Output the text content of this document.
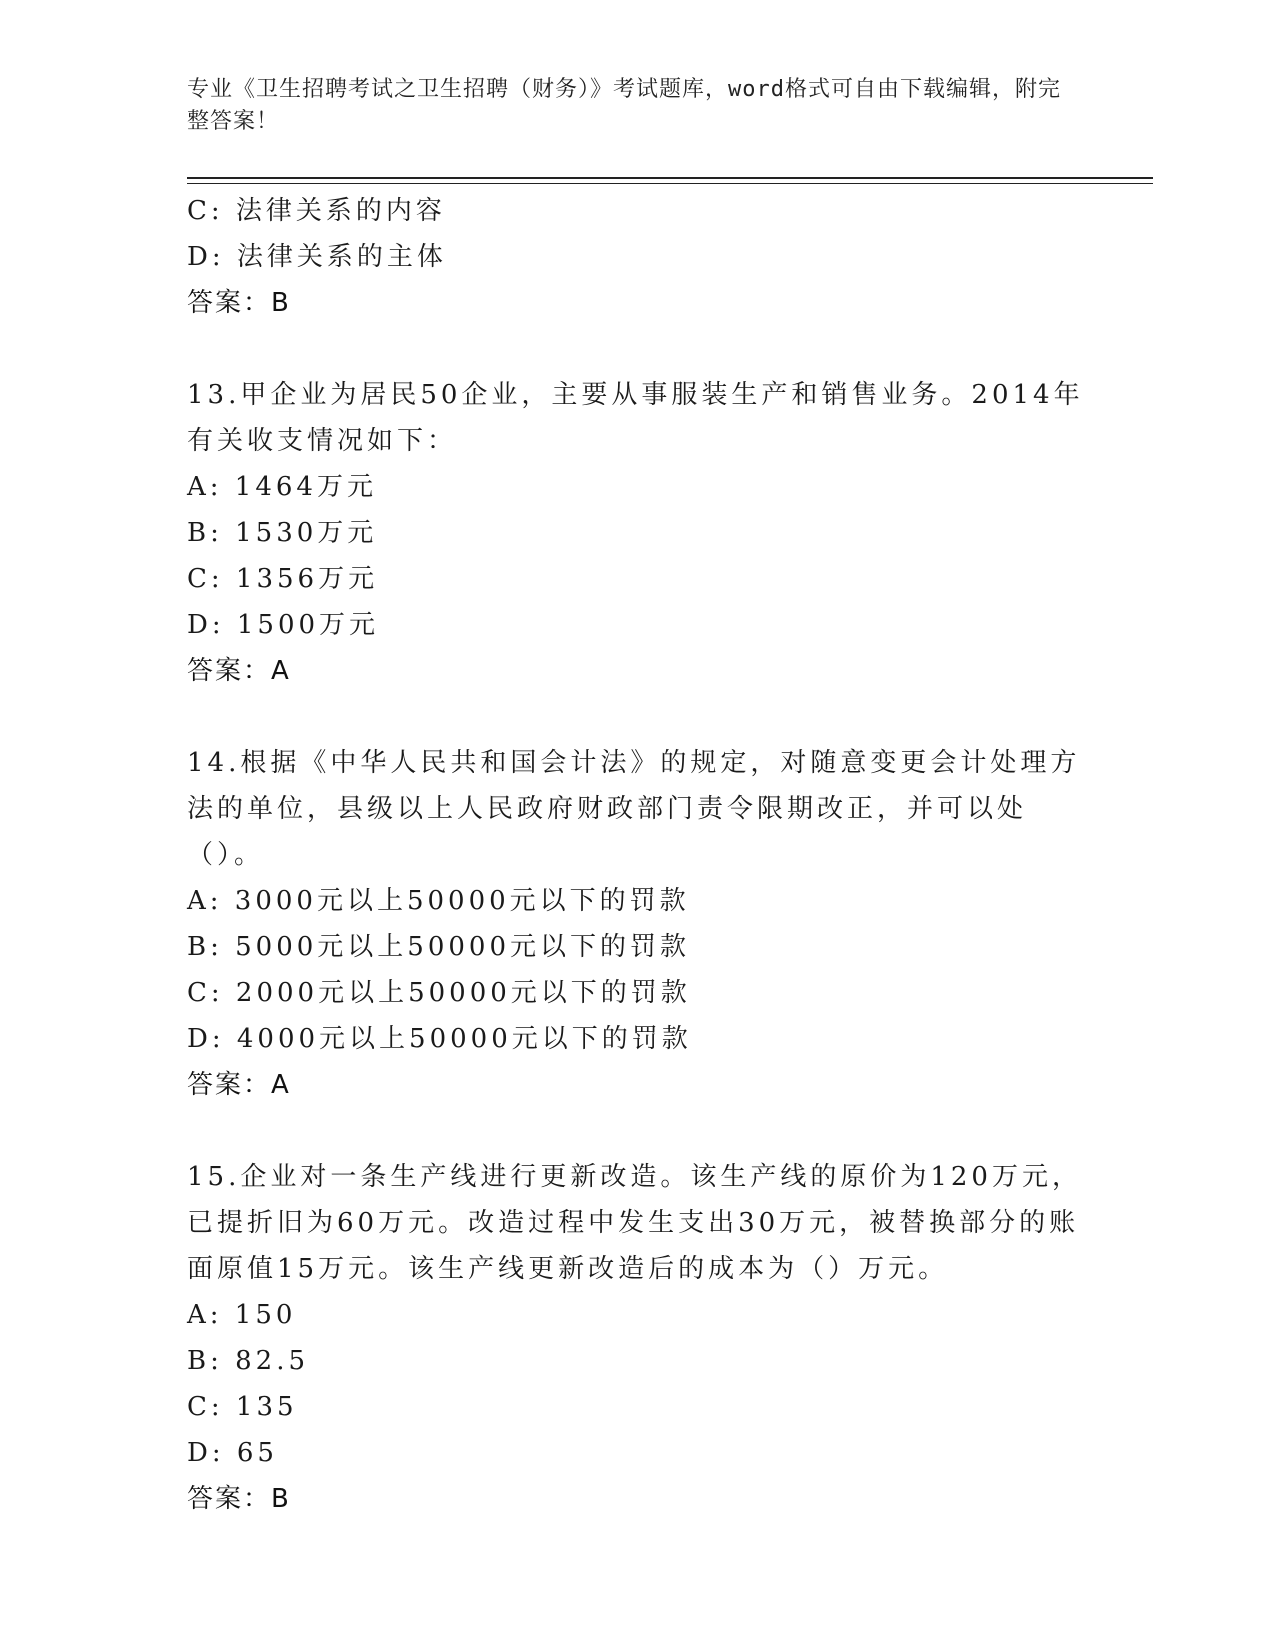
专业《卫生招聘考试之卫生招聘（财务）》考试题库，word格式可自由下载编辑，附完整答案！
C: 法律关系的内容
D: 法律关系的主体
答案：B
13.甲企业为居民50企业，主要从事服装生产和销售业务。2014年有关收支情况如下：
A: 1464万元
B: 1530万元
C: 1356万元
D: 1500万元
答案：A
14.根据《中华人民共和国会计法》的规定，对随意变更会计处理方法的单位，县级以上人民政府财政部门责令限期改正，并可以处（）。
A: 3000元以上50000元以下的罚款
B: 5000元以上50000元以下的罚款
C: 2000元以上50000元以下的罚款
D: 4000元以上50000元以下的罚款
答案：A
15.企业对一条生产线进行更新改造。该生产线的原价为120万元，已提折旧为60万元。改造过程中发生支出30万元，被替换部分的账面原值15万元。该生产线更新改造后的成本为（）万元。
A: 150
B: 82.5
C: 135
D: 65
答案：B
